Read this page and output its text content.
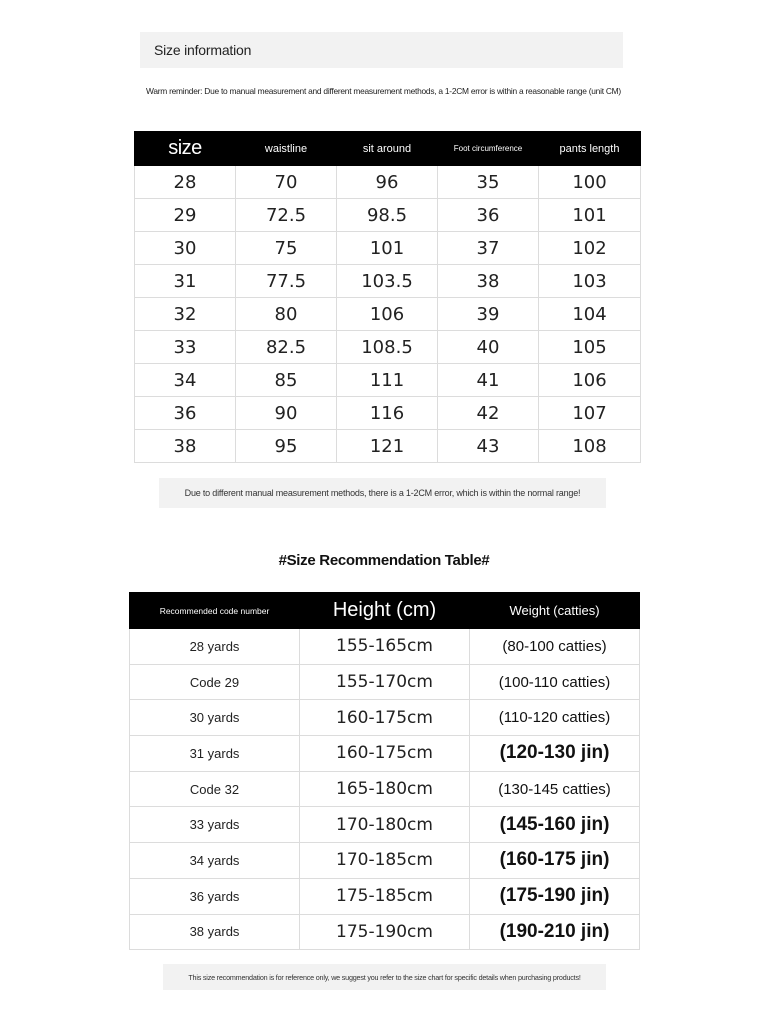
Size information
Warm reminder: Due to manual measurement and different measurement methods, a 1-2CM error is within a reasonable range (unit CM)
size	waistline	sit around	Foot circumference	pants length
28	70	96	35	100
29	72.5	98.5	36	101
30	75	101	37	102
31	77.5	103.5	38	103
32	80	106	39	104
33	82.5	108.5	40	105
34	85	111	41	106
36	90	116	42	107
38	95	121	43	108
Due to different manual measurement methods, there is a 1-2CM error, which is within the normal range!
#Size Recommendation Table#
Recommended code number	Height (cm)	Weight (catties)
28 yards	155-165cm	(80-100 catties)
Code 29	155-170cm	(100-110 catties)
30 yards	160-175cm	(110-120 catties)
31 yards	160-175cm	(120-130 jin)
Code 32	165-180cm	(130-145 catties)
33 yards	170-180cm	(145-160 jin)
34 yards	170-185cm	(160-175 jin)
36 yards	175-185cm	(175-190 jin)
38 yards	175-190cm	(190-210 jin)
This size recommendation is for reference only, we suggest you refer to the size chart for specific details when purchasing products!
